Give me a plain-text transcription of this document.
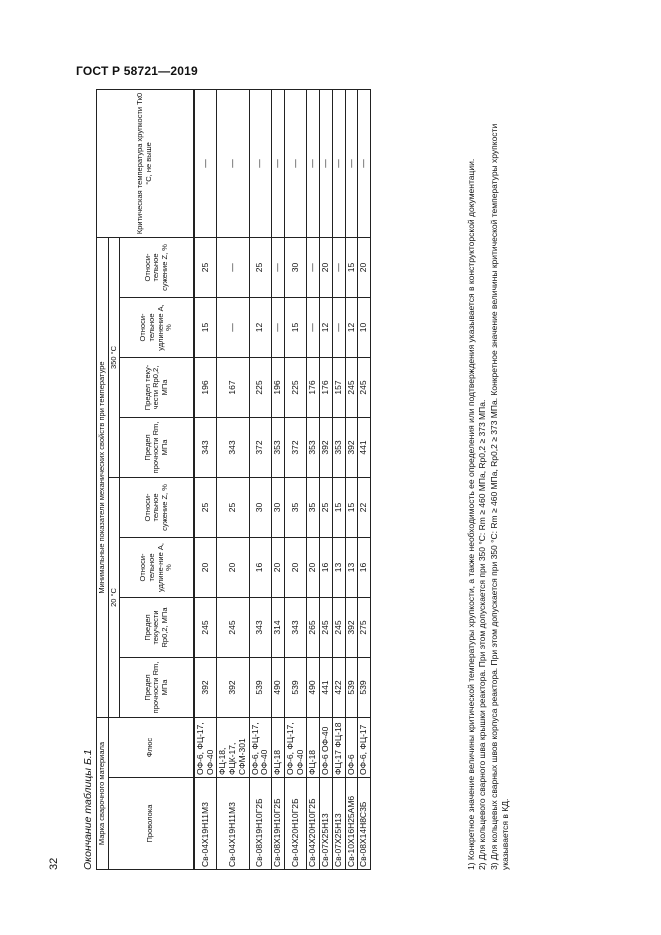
ГОСТ Р 58721—2019
Окончание таблицы Б.1 Марка сварочного материала		Минимальные показатели механических свойств при температуре								Критическая температура хрупкости Tк0 °С, не выше
Проволока	Флюс	20 °С				350 °С				
		Предел прочности Rm, МПа	Предел текучести Rp0,2, МПа	Относи-тельное удлине-ние А, %	Относи-тельное сужение Z, %	Предел прочности Rm, МПа	Предел теку-чести Rp0,2, МПа	Относи-тельное удлинение А, %	Относи-тельное сужение Z, %	
Св-04Х19Н11М3	ОФ-6, ФЦ-17, ОФ-40	392	245	20	25	343	196	15	25	—
Св-04Х19Н11М3	ФЦ-18, ФЦК-17, СФМ-301	392	245	20	25	343	167	—	—	—
Св-08Х19Н10Г2Б	ОФ-6, ФЦ-17, ОФ-40	539	343	16	30	372	225	12	25	—
Св-08Х19Н10Г2Б	ФЦ-18	490	314	20	30	353	196	—	—	—
Св-04Х20Н10Г2Б	ОФ-6, ФЦ-17, ОФ-40	539	343	20	35	372	225	15	30	—
Св-04Х20Н10Г2Б	ФЦ-18	490	265	20	35	353	176	—	—	—
Св-07Х25Н13	ОФ-6 ОФ-40	441	245	16	25	392	176	12	20	—
Св-07Х25Н13	ФЦ-17 ФЦ-18	422	245	13	15	353	157	—	—	—
Св-10Х16Н25АМ6	ОФ-6	539	392	13	15	392	245	12	15	—
Св-08Х14Н8С3Б	ОФ-6, ФЦ-17	539	275	16	22	441	245	10	20	—	1) Конкретное значение величины критической температуры хрупкости, а также необходимость ее определения или подтверждения указывается в конструкторской документации. 2) Для кольцевого сварного шва крышки реактора. При этом допускается при 350 °С: Rm ≥ 460 МПа, Rp0,2 ≥ 373 МПа. 3) Для кольцевых сварных швов корпуса реактора. При этом допускается при 350 °С: Rm ≥ 460 МПа, Rp0,2 ≥ 373 МПа. Конкретное значение величины критической температуры хрупкости указывается в КД.
32
